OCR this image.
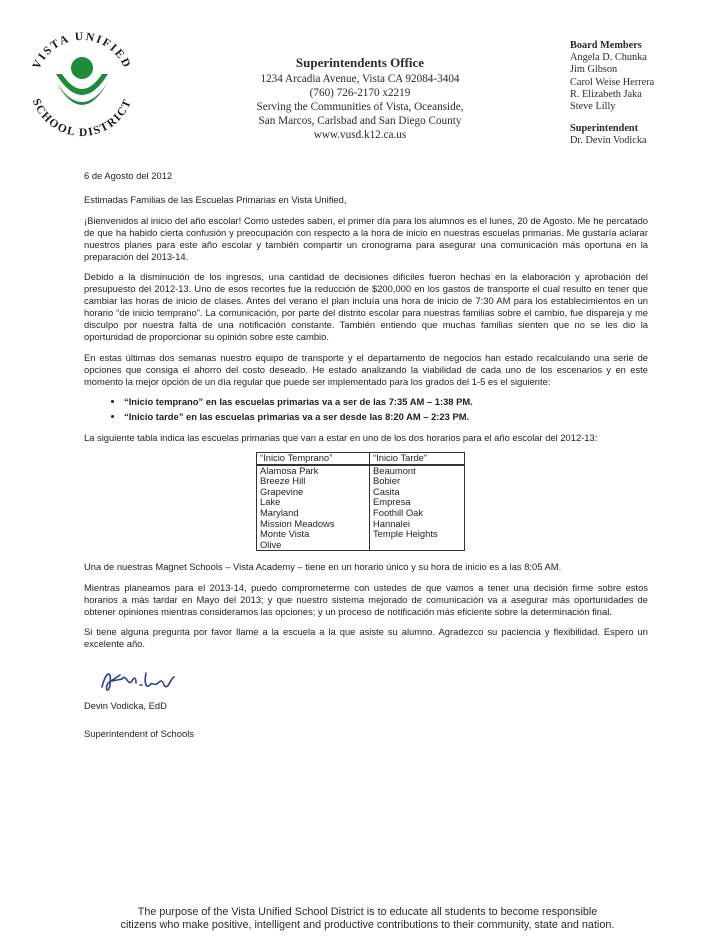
VISTA UNIFIED
SCHOOL DISTRICT
Superintendents Office
1234 Arcadia Avenue, Vista CA 92084-3404
(760) 726-2170 x2219
Serving the Communities of Vista, Oceanside,
San Marcos, Carlsbad and San Diego County
www.vusd.k12.ca.us
Board Members
Angela D. Chunka
Jim Gibson
Carol Weise Herrera
R. Elizabeth Jaka
Steve Lilly
Superintendent
Dr. Devin Vodicka

6 de Agosto del 2012

Estimadas Familias de las Escuelas Primarias en Vista Unified,

¡Bienvenidos al inicio del año escolar! Como ustedes saben, el primer día para los alumnos es el lunes, 20 de Agosto. Me he percatado de que ha habido cierta confusión y preocupación con respecto a la hora de inicio en nuestras escuelas primarias. Me gustaría aclarar nuestros planes para este año escolar y también compartir un cronograma para asegurar una comunicación más oportuna en la preparación del 2013-14.

Debido a la disminución de los ingresos, una cantidad de decisiones difíciles fueron hechas en la elaboración y aprobación del presupuesto del 2012-13. Uno de esos recortes fue la reducción de $200,000 en los gastos de transporte el cual resulto en tener que cambiar las horas de inicio de clases. Antes del verano el plan incluía una hora de inicio de 7:30 AM para los establecimientos en un horario “de inicio temprano”. La comunicación, por parte del distrito escolar para nuestras familias sobre el cambio, fue dispareja y me disculpo por nuestra falta de una notificación constante. También entiendo que muchas familias sienten que no se les dio la oportunidad de proporcionar su opinión sobre este cambio.

En estas últimas dos semanas nuestro equipo de transporte y el departamento de negocios han estado recalculando una serie de opciones que consiga el ahorro del costo deseado. He estado analizando la viabilidad de cada uno de los escenarios y en este momento la mejor opción de un día regular que puede ser implementado para los grados del 1-5 es el siguiente:

• “Inicio temprano” en las escuelas primarias va a ser de las 7:35 AM – 1:38 PM.
• “Inicio tarde” en las escuelas primarias va a ser desde las 8:20 AM – 2:23 PM.

La siguiente tabla indica las escuelas primarias que van a estar en uno de los dos horarios para el año escolar del 2012-13:

“Inicio Temprano”	“Inicio Tarde”
Alamosa Park	Beaumont
Breeze Hill	Bobier
Grapevine	Casita
Lake	Empresa
Maryland	Foothill Oak
Mission Meadows	Hannalei
Monte Vista	Temple Heights
Olive	

Una de nuestras Magnet Schools – Vista Academy – tiene en un horario único y su hora de inicio es a las 8:05 AM.

Mientras planeamos para el 2013-14, puedo comprometerme con ustedes de que vamos a tener una decisión firme sobre estos horarios a más tardar en Mayo del 2013; y que nuestro sistema mejorado de comunicación va a asegurar más oportunidades de obtener opiniones mientras consideramos las opciones; y un proceso de notificación más eficiente sobre la determinación final.

Si tiene alguna pregunta por favor llame a la escuela a la que asiste su alumno. Agradezco su paciencia y flexibilidad. Espero un excelente año.

Devin Vodicka, EdD

Superintendent of Schools

The purpose of the Vista Unified School District is to educate all students to become responsible
citizens who make positive, intelligent and productive contributions to their community, state and nation.
